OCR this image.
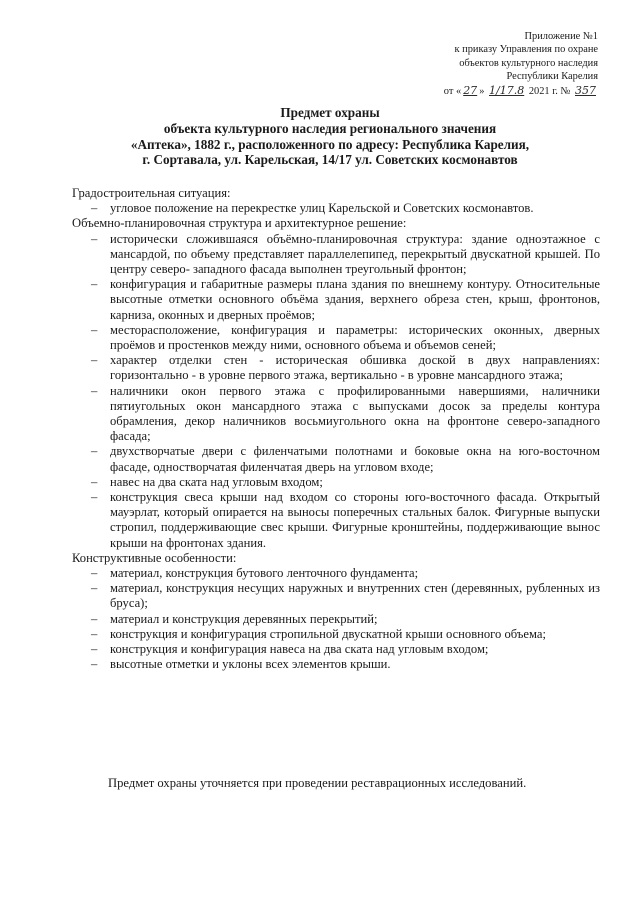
Приложение №1
к приказу Управления по охране
объектов культурного наследия
Республики Карелия
от « 27 » 1/17.8 2021 г. № 357
Предмет охраны
объекта культурного наследия регионального значения
«Аптека», 1882 г., расположенного по адресу: Республика Карелия,
г. Сортавала, ул. Карельская, 14/17 ул. Советских космонавтов
Градостроительная ситуация:
– угловое положение на перекрестке улиц Карельской и Советских космонавтов.
Объемно-планировочная структура и архитектурное решение:
– исторически сложившаяся объёмно-планировочная структура: здание одноэтажное с мансардой, по объему представляет параллелепипед, перекрытый двускатной крышей. По центру северо- западного фасада выполнен треугольный фронтон;
– конфигурация и габаритные размеры плана здания по внешнему контуру. Относительные высотные отметки основного объёма здания, верхнего обреза стен, крыш, фронтонов, карниза, оконных и дверных проёмов;
– месторасположение, конфигурация и параметры: исторических оконных, дверных проёмов и простенков между ними, основного объема и объемов сеней;
– характер отделки стен - историческая обшивка доской в двух направлениях: горизонтально - в уровне первого этажа, вертикально - в уровне мансардного этажа;
– наличники окон первого этажа с профилированными навершиями, наличники пятиугольных окон мансардного этажа с выпусками досок за пределы контура обрамления, декор наличников восьмиугольного окна на фронтоне северо-западного фасада;
– двухстворчатые двери с филенчатыми полотнами и боковые окна на юго-восточном фасаде, одностворчатая филенчатая дверь на угловом входе;
– навес на два ската над угловым входом;
– конструкция свеса крыши над входом со стороны юго-восточного фасада. Открытый мауэрлат, который опирается на выносы поперечных стальных балок. Фигурные выпуски стропил, поддерживающие свес крыши. Фигурные кронштейны, поддерживающие вынос крыши на фронтонах здания.
Конструктивные особенности:
– материал, конструкция бутового ленточного фундамента;
– материал, конструкция несущих наружных и внутренних стен (деревянных, рубленных из бруса);
– материал и конструкция деревянных перекрытий;
– конструкция и конфигурация стропильной двускатной крыши основного объема;
– конструкция и конфигурация навеса на два ската над угловым входом;
– высотные отметки и уклоны всех элементов крыши.
Предмет охраны уточняется при проведении реставрационных исследований.
